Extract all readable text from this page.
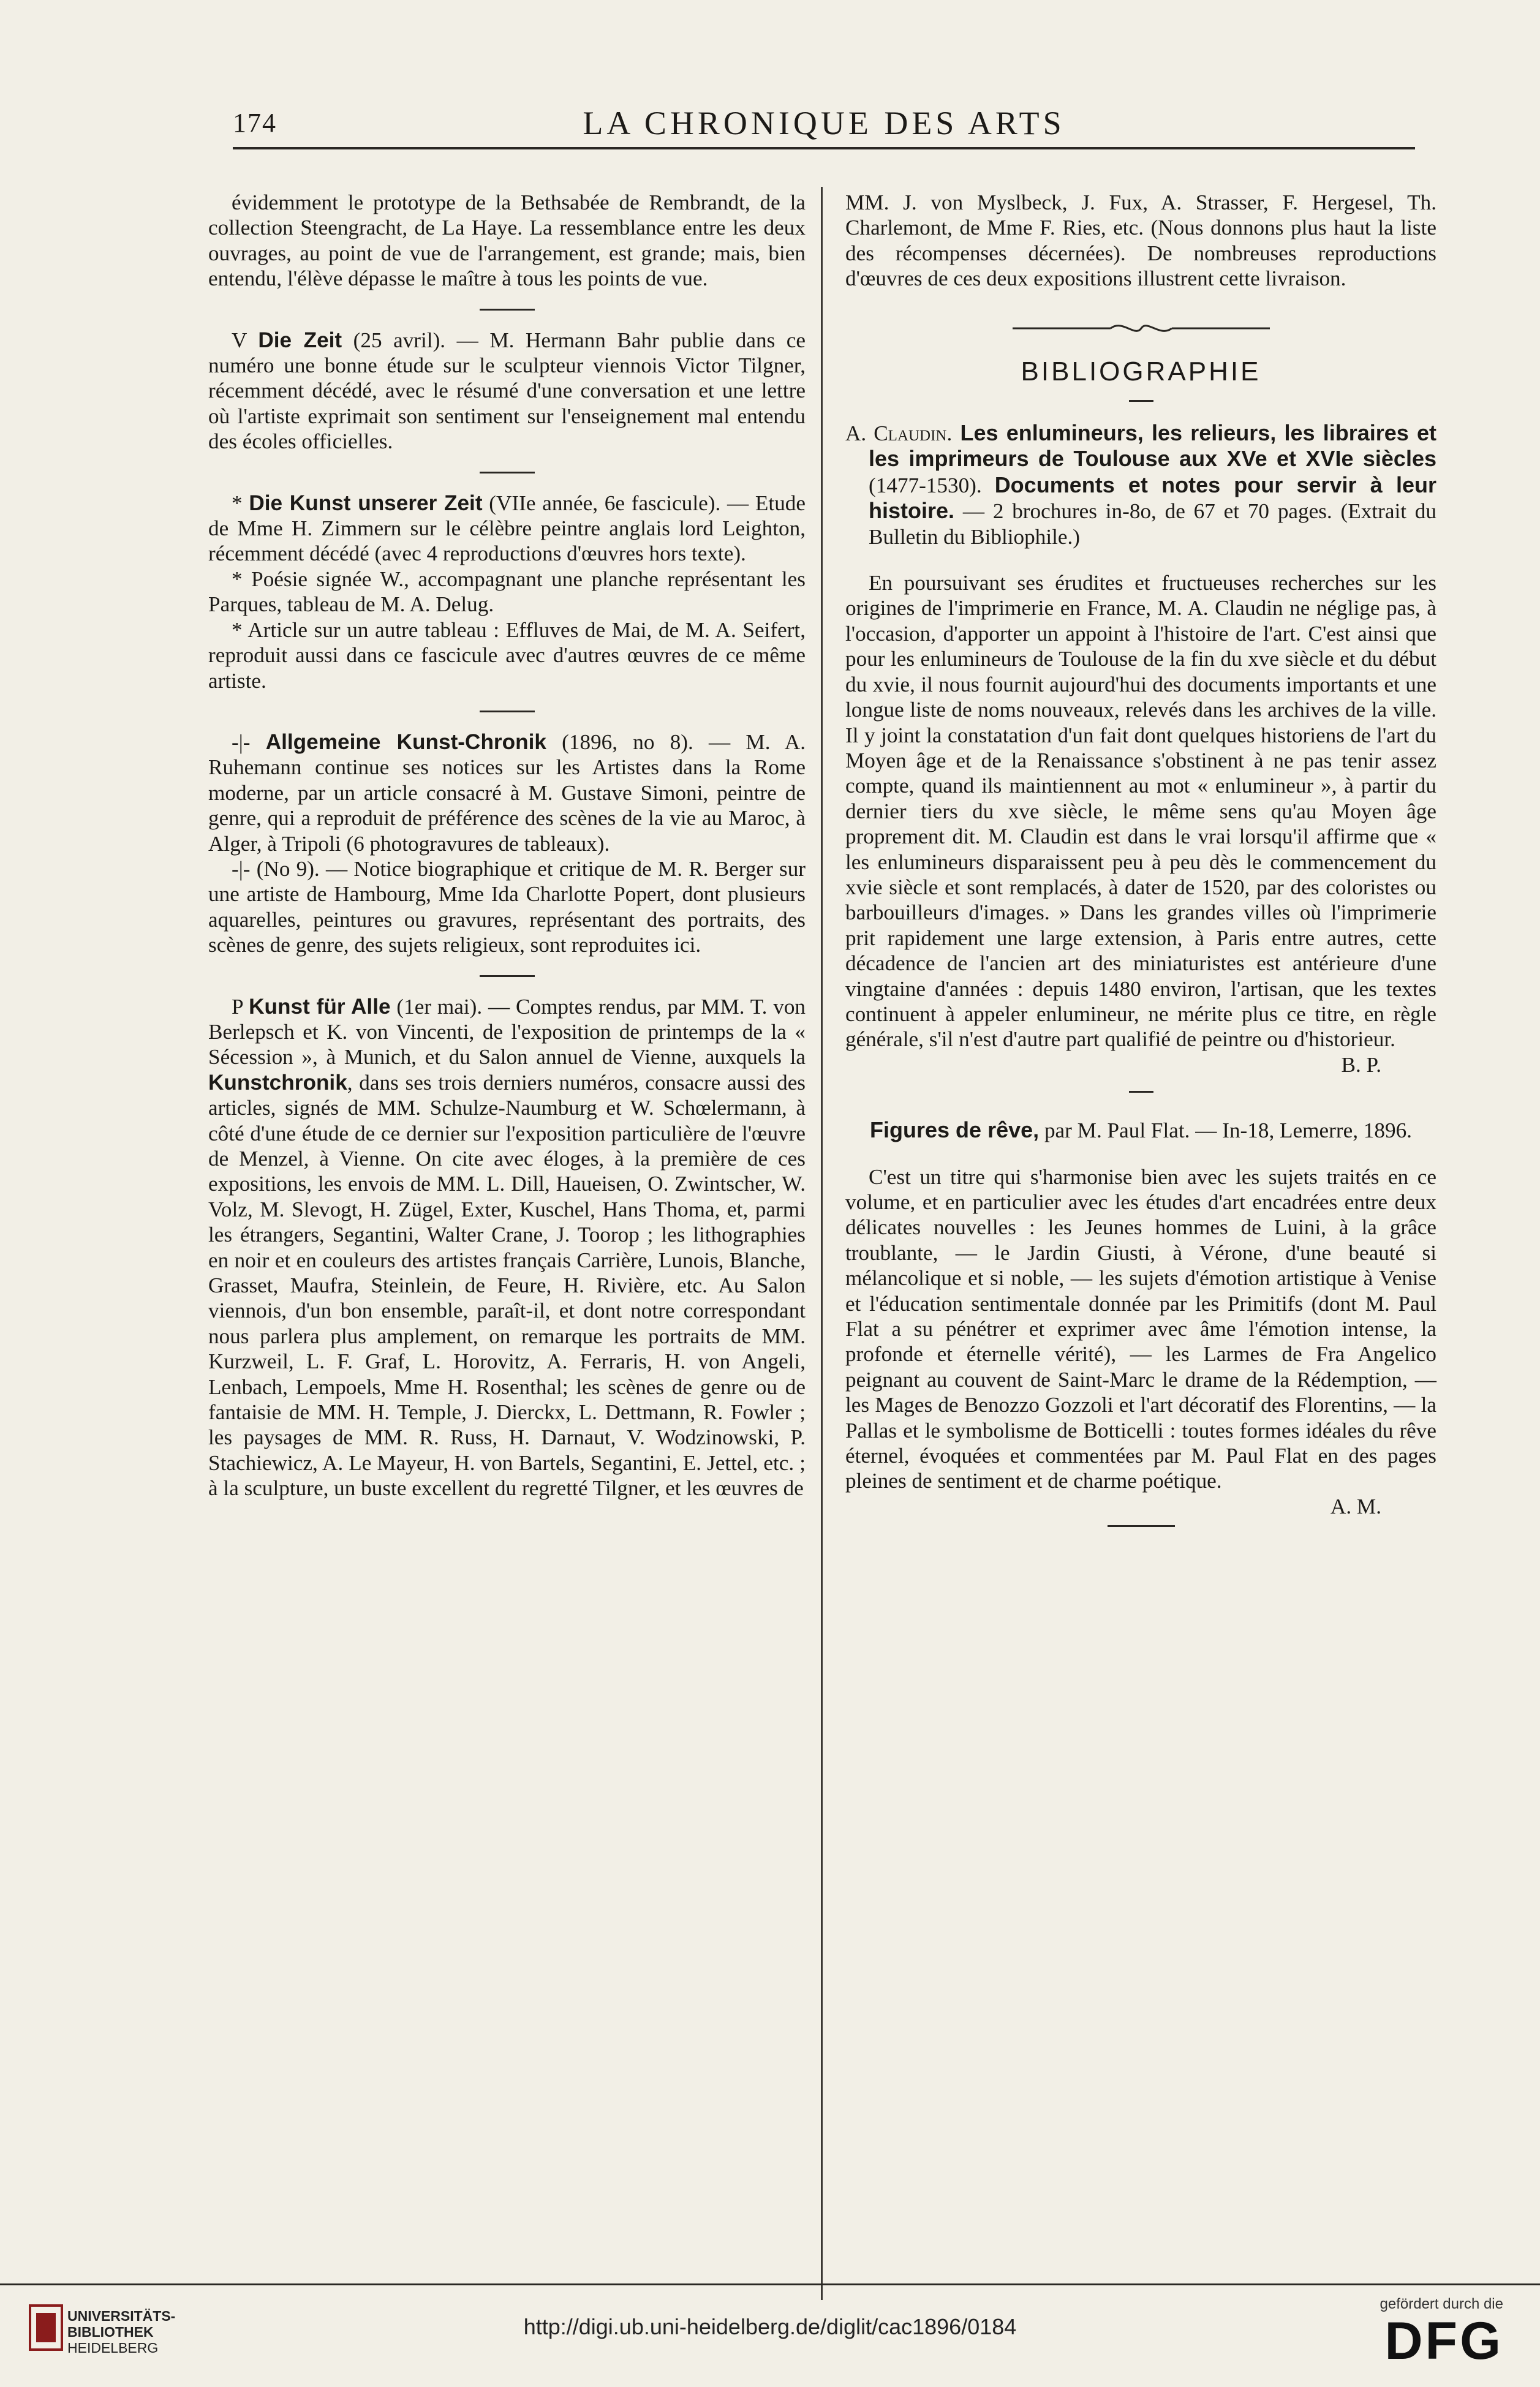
174	LA CHRONIQUE DES ARTS

évidemment le prototype de la Bethsabée de Rembrandt, de la collection Steengracht, de La Haye. La ressemblance entre les deux ouvrages, au point de vue de l'arrangement, est grande; mais, bien entendu, l'élève dépasse le maître à tous les points de vue.

V Die Zeit (25 avril). — M. Hermann Bahr publie dans ce numéro une bonne étude sur le sculpteur viennois Victor Tilgner, récemment décédé, avec le résumé d'une conversation et une lettre où l'artiste exprimait son sentiment sur l'enseignement mal entendu des écoles officielles.

* Die Kunst unserer Zeit (VIIe année, 6e fascicule). — Etude de Mme H. Zimmern sur le célèbre peintre anglais lord Leighton, récemment décédé (avec 4 reproductions d'œuvres hors texte).

* Poésie signée W., accompagnant une planche représentant les Parques, tableau de M. A. Delug.

* Article sur un autre tableau : Effluves de Mai, de M. A. Seifert, reproduit aussi dans ce fascicule avec d'autres œuvres de ce même artiste.

-|- Allgemeine Kunst-Chronik (1896, no 8). — M. A. Ruhemann continue ses notices sur les Artistes dans la Rome moderne, par un article consacré à M. Gustave Simoni, peintre de genre, qui a reproduit de préférence des scènes de la vie au Maroc, à Alger, à Tripoli (6 photogravures de tableaux).

-|- (No 9). — Notice biographique et critique de M. R. Berger sur une artiste de Hambourg, Mme Ida Charlotte Popert, dont plusieurs aquarelles, peintures ou gravures, représentant des portraits, des scènes de genre, des sujets religieux, sont reproduites ici.

P Kunst für Alle (1er mai). — Comptes rendus, par MM. T. von Berlepsch et K. von Vincenti, de l'exposition de printemps de la « Sécession », à Munich, et du Salon annuel de Vienne, auxquels la Kunstchronik, dans ses trois derniers numéros, consacre aussi des articles, signés de MM. Schulze-Naumburg et W. Schœlermann, à côté d'une étude de ce dernier sur l'exposition particulière de l'œuvre de Menzel, à Vienne. On cite avec éloges, à la première de ces expositions, les envois de MM. L. Dill, Haueisen, O. Zwintscher, W. Volz, M. Slevogt, H. Zügel, Exter, Kuschel, Hans Thoma, et, parmi les étrangers, Segantini, Walter Crane, J. Toorop ; les lithographies en noir et en couleurs des artistes français Carrière, Lunois, Blanche, Grasset, Maufra, Steinlein, de Feure, H. Rivière, etc. Au Salon viennois, d'un bon ensemble, paraît-il, et dont notre correspondant nous parlera plus amplement, on remarque les portraits de MM. Kurzweil, L. F. Graf, L. Horovitz, A. Ferraris, H. von Angeli, Lenbach, Lempoels, Mme H. Rosenthal; les scènes de genre ou de fantaisie de MM. H. Temple, J. Dierckx, L. Dettmann, R. Fowler ; les paysages de MM. R. Russ, H. Darnaut, V. Wodzinowski, P. Stachiewicz, A. Le Mayeur, H. von Bartels, Segantini, E. Jettel, etc. ; à la sculpture, un buste excellent du regretté Tilgner, et les œuvres de

MM. J. von Myslbeck, J. Fux, A. Strasser, F. Hergesel, Th. Charlemont, de Mme F. Ries, etc. (Nous donnons plus haut la liste des récompenses décernées). De nombreuses reproductions d'œuvres de ces deux expositions illustrent cette livraison.

BIBLIOGRAPHIE

A. Claudin. Les enlumineurs, les relieurs, les libraires et les imprimeurs de Toulouse aux XVe et XVIe siècles (1477-1530). Documents et notes pour servir à leur histoire. — 2 brochures in-8o, de 67 et 70 pages. (Extrait du Bulletin du Bibliophile.)

En poursuivant ses érudites et fructueuses recherches sur les origines de l'imprimerie en France, M. A. Claudin ne néglige pas, à l'occasion, d'apporter un appoint à l'histoire de l'art. C'est ainsi que pour les enlumineurs de Toulouse de la fin du xve siècle et du début du xvie, il nous fournit aujourd'hui des documents importants et une longue liste de noms nouveaux, relevés dans les archives de la ville. Il y joint la constatation d'un fait dont quelques historiens de l'art du Moyen âge et de la Renaissance s'obstinent à ne pas tenir assez compte, quand ils maintiennent au mot « enlumineur », à partir du dernier tiers du xve siècle, le même sens qu'au Moyen âge proprement dit. M. Claudin est dans le vrai lorsqu'il affirme que « les enlumineurs disparaissent peu à peu dès le commencement du xvie siècle et sont remplacés, à dater de 1520, par des coloristes ou barbouilleurs d'images. » Dans les grandes villes où l'imprimerie prit rapidement une large extension, à Paris entre autres, cette décadence de l'ancien art des miniaturistes est antérieure d'une vingtaine d'années : depuis 1480 environ, l'artisan, que les textes continuent à appeler enlumineur, ne mérite plus ce titre, en règle générale, s'il n'est d'autre part qualifié de peintre ou d'historieur.

B. P.

Figures de rêve, par M. Paul Flat. — In-18, Lemerre, 1896.

C'est un titre qui s'harmonise bien avec les sujets traités en ce volume, et en particulier avec les études d'art encadrées entre deux délicates nouvelles : les Jeunes hommes de Luini, à la grâce troublante, — le Jardin Giusti, à Vérone, d'une beauté si mélancolique et si noble, — les sujets d'émotion artistique à Venise et l'éducation sentimentale donnée par les Primitifs (dont M. Paul Flat a su pénétrer et exprimer avec âme l'émotion intense, la profonde et éternelle vérité), — les Larmes de Fra Angelico peignant au couvent de Saint-Marc le drame de la Rédemption, — les Mages de Benozzo Gozzoli et l'art décoratif des Florentins, — la Pallas et le symbolisme de Botticelli : toutes formes idéales du rêve éternel, évoquées et commentées par M. Paul Flat en des pages pleines de sentiment et de charme poétique.

A. M.

UNIVERSITÄTS-
BIBLIOTHEK
HEIDELBERG
http://digi.ub.uni-heidelberg.de/diglit/cac1896/0184
gefördert durch die
DFG
